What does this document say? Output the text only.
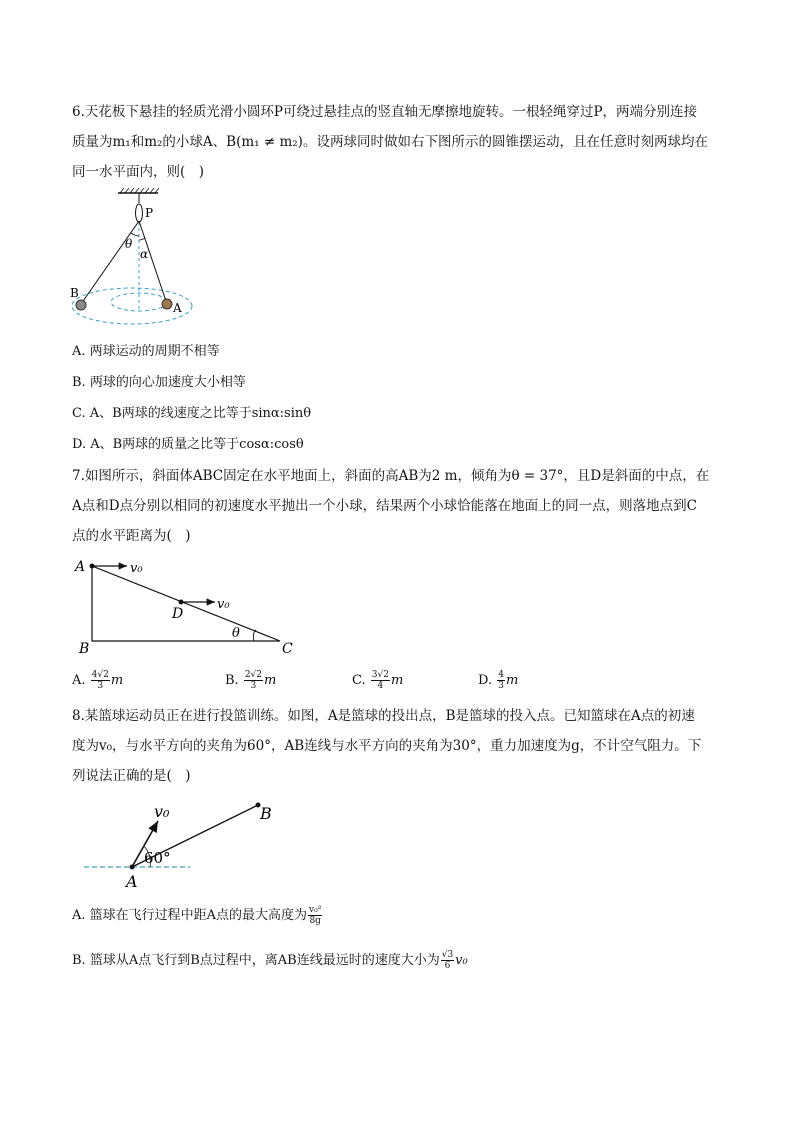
6.天花板下悬挂的轻质光滑小圆环P可绕过悬挂点的竖直轴无摩擦地旋转。一根轻绳穿过P，两端分别连接
质量为m₁和m₂的小球A、B(m₁ ≠ m₂)。设两球同时做如右下图所示的圆锥摆运动，且在任意时刻两球均在
同一水平面内，则(　)
P
θ
α
B
A
A. 两球运动的周期不相等
B. 两球的向心加速度大小相等
C. A、B两球的线速度之比等于sinα:sinθ
D. A、B两球的质量之比等于cosα:cosθ
7.如图所示，斜面体ABC固定在水平地面上，斜面的高AB为2 m，倾角为θ = 37°，且D是斜面的中点，在
A点和D点分别以相同的初速度水平抛出一个小球，结果两个小球恰能落在地面上的同一点，则落地点到C
点的水平距离为(　)
A
B	C
D
v₀
v₀
θ
A. $\frac{4√2}{3}$ m	B. $\frac{2√2}{3}$ m	C. $\frac{3√2}{4}$ m	D. $\frac{4}{3}$ m
8.某篮球运动员正在进行投篮训练。如图，A是篮球的投出点，B是篮球的投入点。已知篮球在A点的初速
度为v₀，与水平方向的夹角为60°，AB连线与水平方向的夹角为30°，重力加速度为g，不计空气阻力。下
列说法正确的是(　)
v₀	B
60°
A
A. 篮球在飞行过程中距A点的最大高度为 $\frac{\text{v₀²}}{8g}$
B. 篮球从A点飞行到B点过程中，离AB连线最远时的速度大小为 $\frac{√3}{6} v_0$
